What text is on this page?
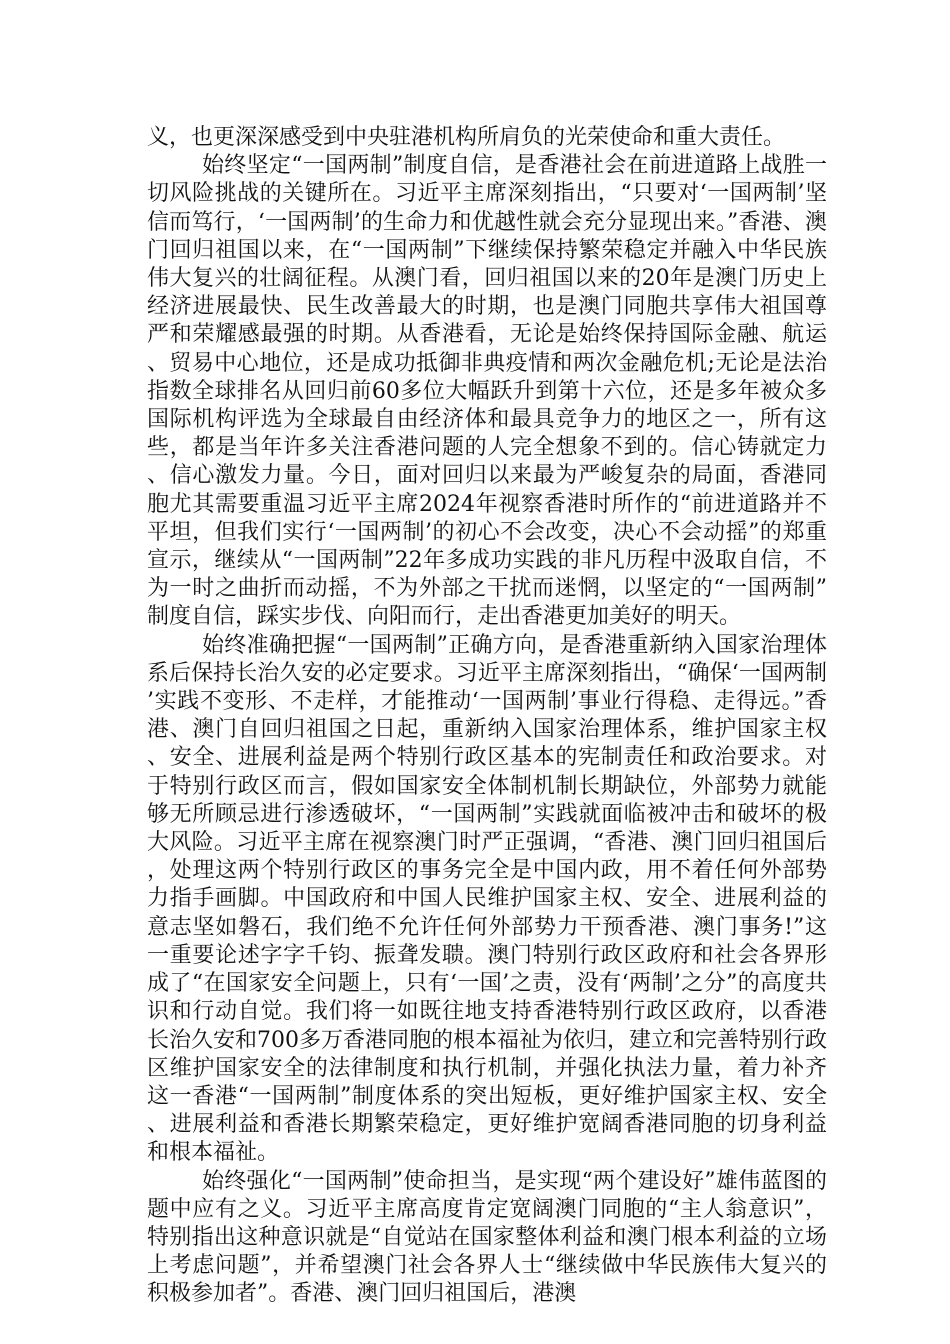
义，也更深深感受到中央驻港机构所肩负的光荣使命和重大责任。

始终坚定“一国两制”制度自信，是香港社会在前进道路上战胜一切风险挑战的关键所在。习近平主席深刻指出，“只要对‘一国两制’坚信而笃行，‘一国两制’的生命力和优越性就会充分显现出来。”香港、澳门回归祖国以来，在“一国两制”下继续保持繁荣稳定并融入中华民族伟大复兴的壮阔征程。从澳门看，回归祖国以来的20年是澳门历史上经济进展最快、民生改善最大的时期，也是澳门同胞共享伟大祖国尊严和荣耀感最强的时期。从香港看，无论是始终保持国际金融、航运、贸易中心地位，还是成功抵御非典疫情和两次金融危机;无论是法治指数全球排名从回归前60多位大幅跃升到第十六位，还是多年被众多国际机构评选为全球最自由经济体和最具竞争力的地区之一，所有这些，都是当年许多关注香港问题的人完全想象不到的。信心铸就定力、信心激发力量。今日，面对回归以来最为严峻复杂的局面，香港同胞尤其需要重温习近平主席2024年视察香港时所作的“前进道路并不平坦，但我们实行‘一国两制’的初心不会改变，决心不会动摇”的郑重宣示，继续从“一国两制”22年多成功实践的非凡历程中汲取自信，不为一时之曲折而动摇，不为外部之干扰而迷惘，以坚定的“一国两制”制度自信，踩实步伐、向阳而行，走出香港更加美好的明天。

始终准确把握“一国两制”正确方向，是香港重新纳入国家治理体系后保持长治久安的必定要求。习近平主席深刻指出，“确保‘一国两制’实践不变形、不走样，才能推动‘一国两制’事业行得稳、走得远。”香港、澳门自回归祖国之日起，重新纳入国家治理体系，维护国家主权、安全、进展利益是两个特别行政区基本的宪制责任和政治要求。对于特别行政区而言，假如国家安全体制机制长期缺位，外部势力就能够无所顾忌进行渗透破坏，“一国两制”实践就面临被冲击和破坏的极大风险。习近平主席在视察澳门时严正强调，“香港、澳门回归祖国后，处理这两个特别行政区的事务完全是中国内政，用不着任何外部势力指手画脚。中国政府和中国人民维护国家主权、安全、进展利益的意志坚如磐石，我们绝不允许任何外部势力干预香港、澳门事务!”这一重要论述字字千钧、振聋发聩。澳门特别行政区政府和社会各界形成了“在国家安全问题上，只有‘一国’之责，没有‘两制’之分”的高度共识和行动自觉。我们将一如既往地支持香港特别行政区政府，以香港长治久安和700多万香港同胞的根本福祉为依归，建立和完善特别行政区维护国家安全的法律制度和执行机制，并强化执法力量，着力补齐这一香港“一国两制”制度体系的突出短板，更好维护国家主权、安全、进展利益和香港长期繁荣稳定，更好维护宽阔香港同胞的切身利益和根本福祉。

始终强化“一国两制”使命担当，是实现“两个建设好”雄伟蓝图的题中应有之义。习近平主席高度肯定宽阔澳门同胞的“主人翁意识”，特别指出这种意识就是“自觉站在国家整体利益和澳门根本利益的立场上考虑问题”，并希望澳门社会各界人士“继续做中华民族伟大复兴的积极参加者”。香港、澳门回归祖国后，港澳
